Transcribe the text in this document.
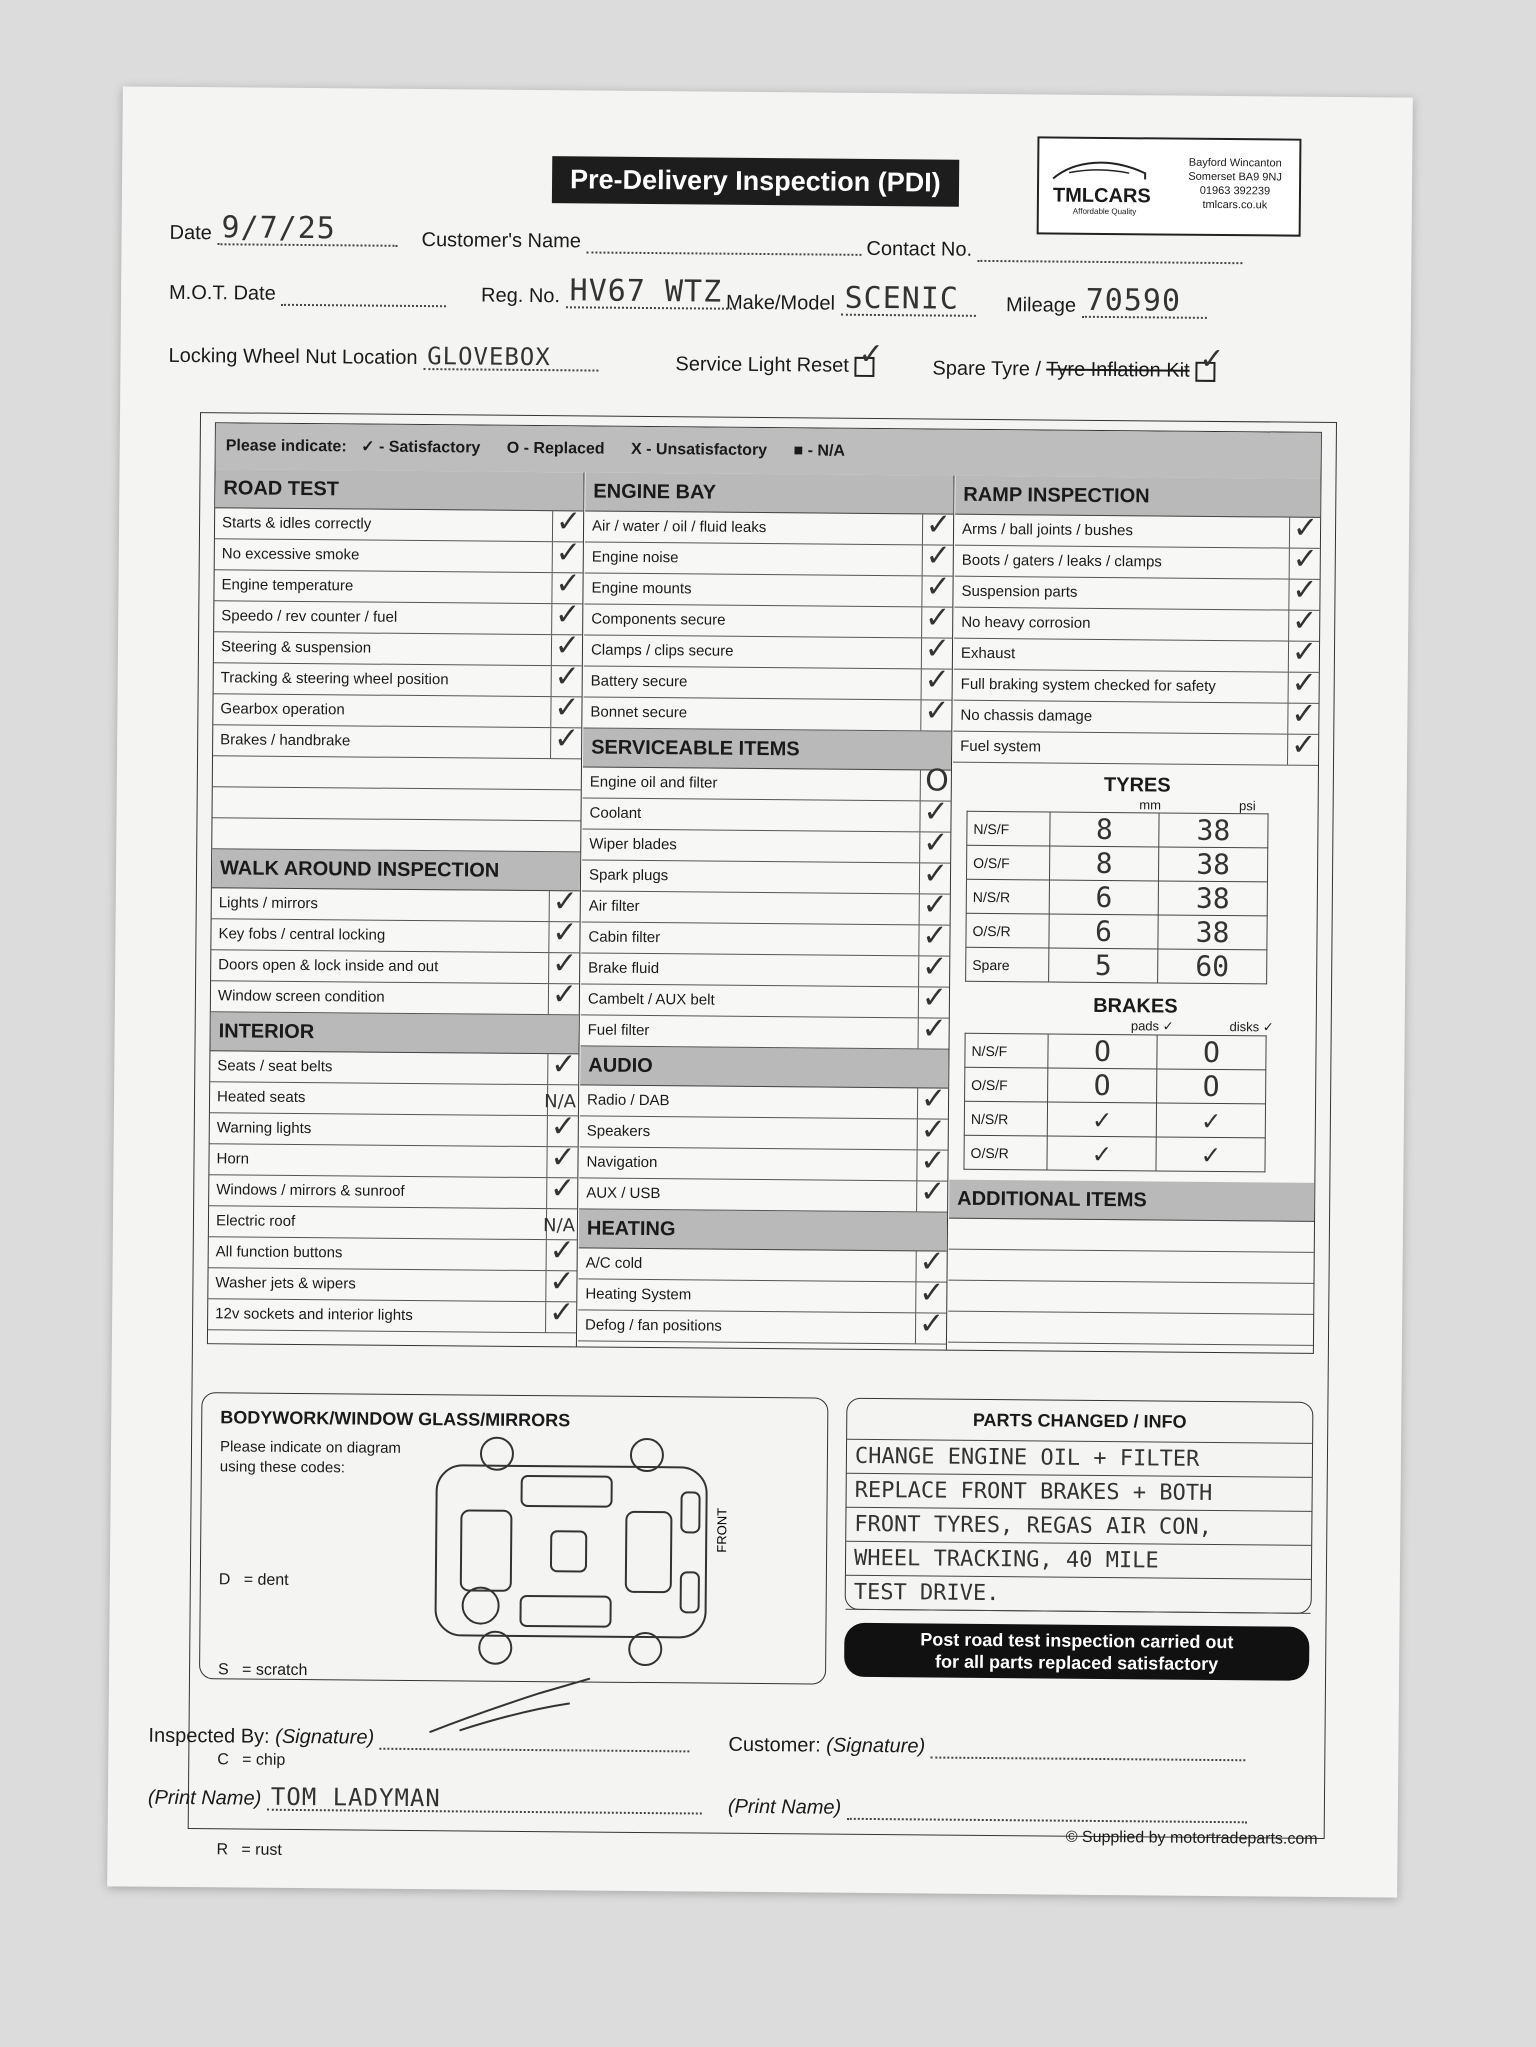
Pre-Delivery Inspection (PDI)	TMLCARS
Affordable Quality
Bayford Wincanton
Somerset BA9 9NJ
01963 392239
tmlcars.co.uk
Date 9/7/25	Customer's Name	Contact No.
M.O.T. Date	Reg. No. HV67 WTZ Make/Model SCENIC Mileage 70590
Locking Wheel Nut Location GLOVEBOX	Service Light Reset ✓ Spare Tyre / Tyre Inflation Kit ✓
Please indicate: ✓ - Satisfactory O - Replaced X - Unsatisfactory ■ - N/A
ROAD TEST
Starts & idles correctly	✓
No excessive smoke	✓
Engine temperature	✓
Speedo / rev counter / fuel	✓
Steering & suspension	✓
Tracking & steering wheel position	✓
Gearbox operation	✓
Brakes / handbrake	✓
WALK AROUND INSPECTION
Lights / mirrors	✓
Key fobs / central locking	✓
Doors open & lock inside and out	✓
Window screen condition	✓
INTERIOR
Seats / seat belts	✓
Heated seats	N/A
Warning lights	✓
Horn	✓
Windows / mirrors & sunroof	✓
Electric roof	N/A
All function buttons	✓
Washer jets & wipers	✓
12v sockets and interior lights	✓
ENGINE BAY
Air / water / oil / fluid leaks	✓
Engine noise	✓
Engine mounts	✓
Components secure	✓
Clamps / clips secure	✓
Battery secure	✓
Bonnet secure	✓
SERVICEABLE ITEMS
Engine oil and filter	O
Coolant	✓
Wiper blades	✓
Spark plugs	✓
Air filter	✓
Cabin filter	✓
Brake fluid	✓
Cambelt / AUX belt	✓
Fuel filter	✓
AUDIO
Radio / DAB	✓
Speakers	✓
Navigation	✓
AUX / USB	✓
HEATING
A/C cold	✓
Heating System	✓
Defog / fan positions	✓
RAMP INSPECTION
Arms / ball joints / bushes	✓
Boots / gaters / leaks / clamps	✓
Suspension parts	✓
No heavy corrosion	✓
Exhaust	✓
Full braking system checked for safety	✓
No chassis damage	✓
Fuel system	✓
TYRES
mm	psi
N/S/F	8	38
O/S/F	8	38
N/S/R	6	38
O/S/R	6	38
Spare	5	60
BRAKES
pads ✓	disks ✓
N/S/F	O	O
O/S/F	O	O
N/S/R	✓	✓
O/S/R	✓	✓
ADDITIONAL ITEMS
BODYWORK/WINDOW GLASS/MIRRORS
Please indicate on diagram using these codes:

D   = dent

S   = scratch

C   = chip

R   = rust

FRONT
PARTS CHANGED / INFO
CHANGE ENGINE OIL + FILTER
REPLACE FRONT BRAKES + BOTH
FRONT TYRES, REGAS AIR CON,
WHEEL TRACKING, 40 MILE
TEST DRIVE.
Post road test inspection carried out
for all parts replaced satisfactory
Inspected By: (Signature)	Customer: (Signature)
(Print Name) TOM LADYMAN	(Print Name)
© Supplied by motortradeparts.com
